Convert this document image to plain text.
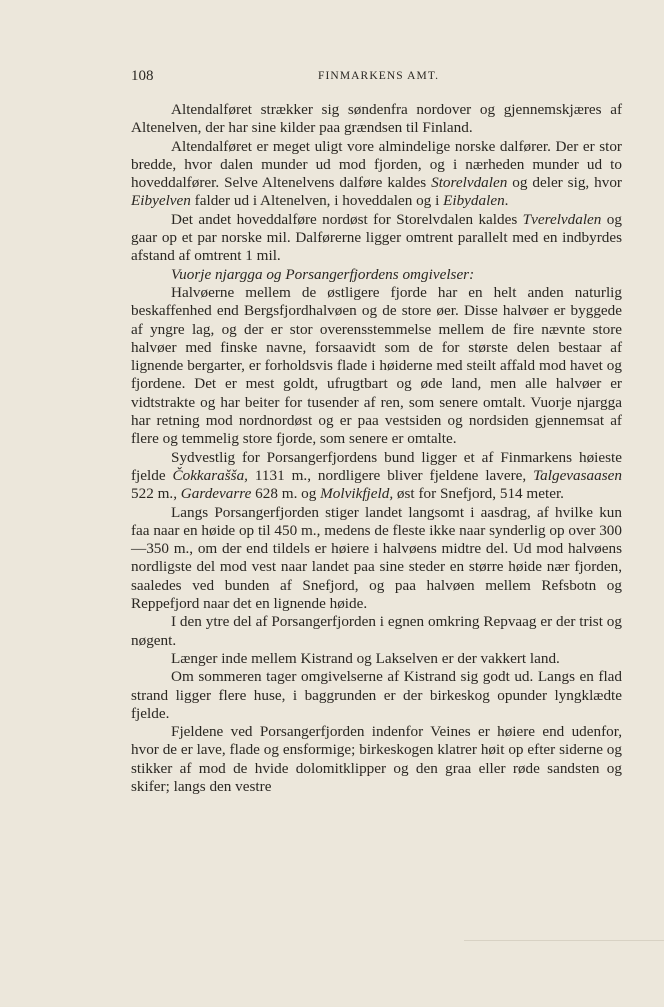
108	FINMARKENS AMT.

Altendalføret strækker sig søndenfra nordover og gjennemskjæres af Altenelven, der har sine kilder paa grændsen til Finland.

Altendalføret er meget uligt vore almindelige norske dalfører. Der er stor bredde, hvor dalen munder ud mod fjorden, og i nærheden munder ud to hoveddalfører. Selve Altenelvens dalføre kaldes Storelvdalen og deler sig, hvor Eibyelven falder ud i Altenelven, i hoveddalen og i Eibydalen.

Det andet hoveddalføre nordøst for Storelvdalen kaldes Tverelvdalen og gaar op et par norske mil. Dalførerne ligger omtrent parallelt med en indbyrdes afstand af omtrent 1 mil.

Vuorje njargga og Porsangerfjordens omgivelser:

Halvøerne mellem de østligere fjorde har en helt anden naturlig beskaffenhed end Bergsfjordhalvøen og de store øer. Disse halvøer er byggede af yngre lag, og der er stor overensstemmelse mellem de fire nævnte store halvøer med finske navne, forsaavidt som de for største delen bestaar af lignende bergarter, er forholdsvis flade i høiderne med steilt affald mod havet og fjordene. Det er mest goldt, ufrugtbart og øde land, men alle halvøer er vidtstrakte og har beiter for tusender af ren, som senere omtalt. Vuorje njargga har retning mod nordnordøst og er paa vestsiden og nordsiden gjennemsat af flere og temmelig store fjorde, som senere er omtalte.

Sydvestlig for Porsangerfjordens bund ligger et af Finmarkens høieste fjelde Čokkarašša, 1131 m., nordligere bliver fjeldene lavere, Talgevasaasen 522 m., Gardevarre 628 m. og Molvikfjeld, øst for Snefjord, 514 meter.

Langs Porsangerfjorden stiger landet langsomt i aasdrag, af hvilke kun faa naar en høide op til 450 m., medens de fleste ikke naar synderlig op over 300—350 m., om der end tildels er høiere i halvøens midtre del. Ud mod halvøens nordligste del mod vest naar landet paa sine steder en større høide nær fjorden, saaledes ved bunden af Snefjord, og paa halvøen mellem Refsbotn og Reppefjord naar det en lignende høide.

I den ytre del af Porsangerfjorden i egnen omkring Repvaag er der trist og nøgent.

Længer inde mellem Kistrand og Lakselven er der vakkert land.

Om sommeren tager omgivelserne af Kistrand sig godt ud. Langs en flad strand ligger flere huse, i baggrunden er der birkeskog opunder lyngklædte fjelde.

Fjeldene ved Porsangerfjorden indenfor Veines er høiere end udenfor, hvor de er lave, flade og ensformige; birkeskogen klatrer høit op efter siderne og stikker af mod de hvide dolomitklipper og den graa eller røde sandsten og skifer; langs den vestre
